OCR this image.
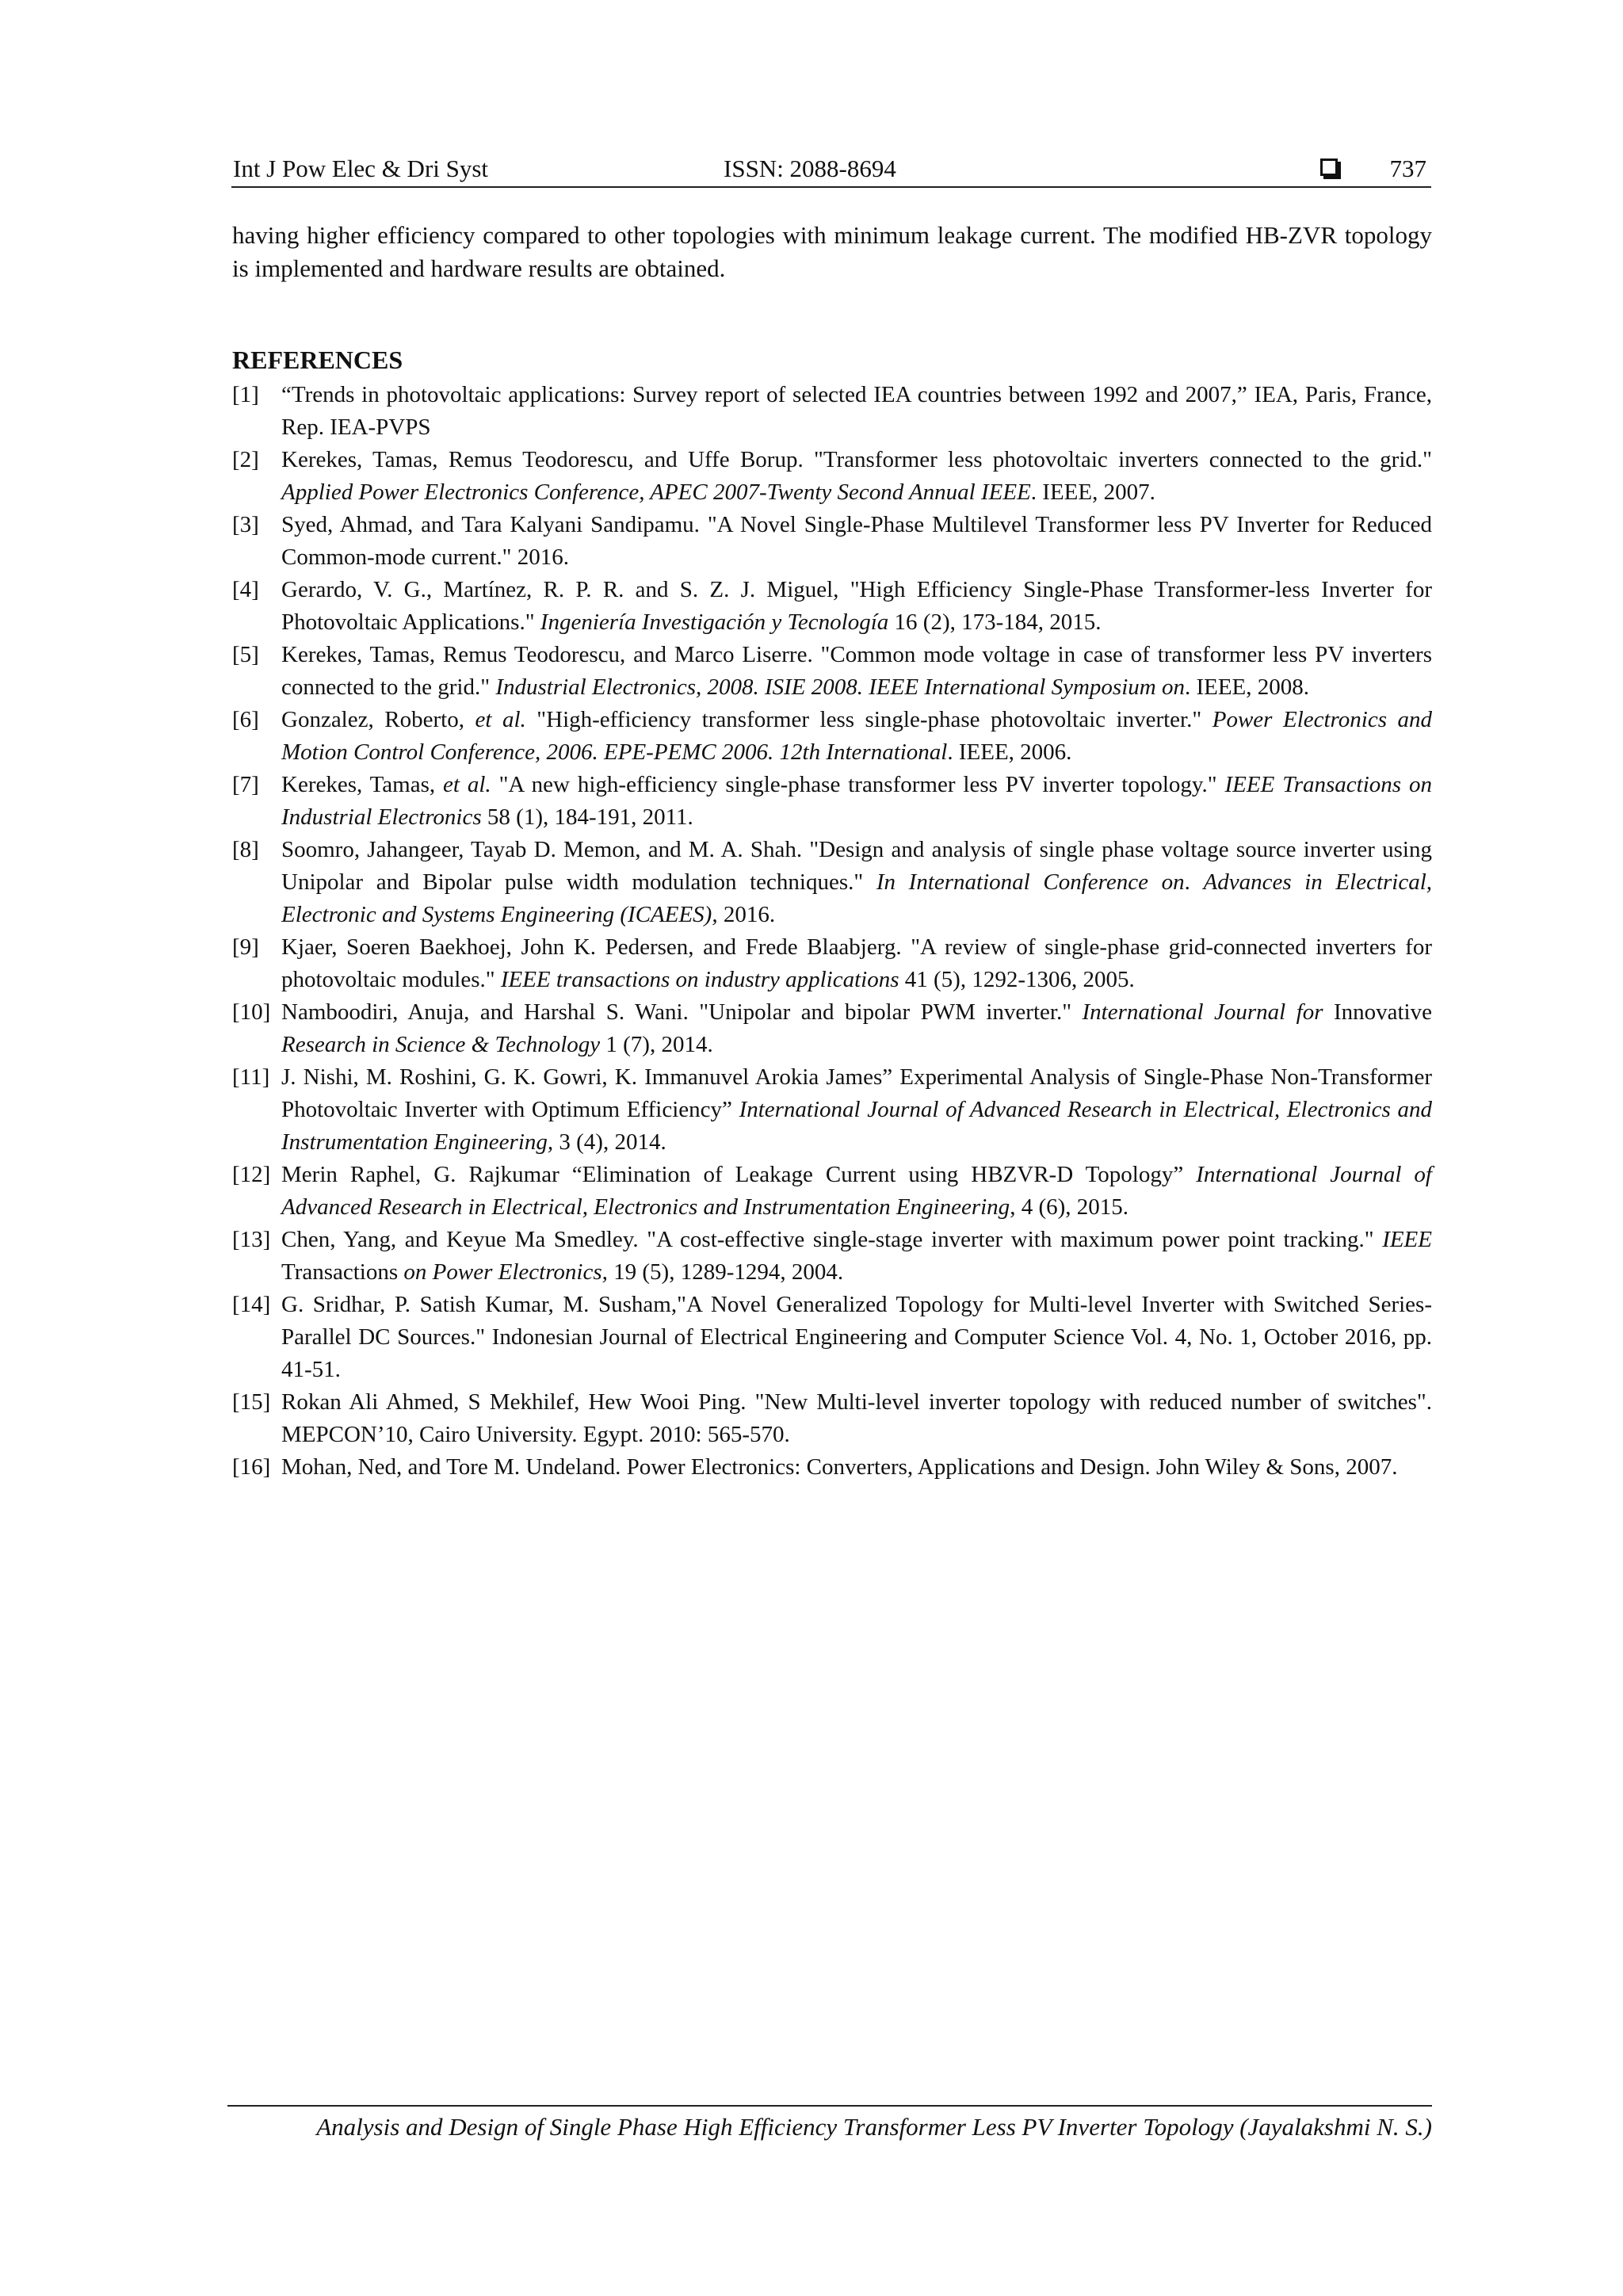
Int J Pow Elec & Dri Syst	ISSN: 2088-8694	737

having higher efficiency compared to other topologies with minimum leakage current. The modified HB-ZVR topology is implemented and hardware results are obtained.

REFERENCES
[1] “Trends in photovoltaic applications: Survey report of selected IEA countries between 1992 and 2007,” IEA, Paris, France, Rep. IEA-PVPS
[2] Kerekes, Tamas, Remus Teodorescu, and Uffe Borup. "Transformer less photovoltaic inverters connected to the grid." Applied Power Electronics Conference, APEC 2007-Twenty Second Annual IEEE. IEEE, 2007.
[3] Syed, Ahmad, and Tara Kalyani Sandipamu. "A Novel Single-Phase Multilevel Transformer less PV Inverter for Reduced Common-mode current." 2016.
[4] Gerardo, V. G., Martínez, R. P. R. and S. Z. J. Miguel, "High Efficiency Single-Phase Transformer-less Inverter for Photovoltaic Applications." Ingeniería Investigación y Tecnología 16 (2), 173-184, 2015.
[5] Kerekes, Tamas, Remus Teodorescu, and Marco Liserre. "Common mode voltage in case of transformer less PV inverters connected to the grid." Industrial Electronics, 2008. ISIE 2008. IEEE International Symposium on. IEEE, 2008.
[6] Gonzalez, Roberto, et al. "High-efficiency transformer less single-phase photovoltaic inverter." Power Electronics and Motion Control Conference, 2006. EPE-PEMC 2006. 12th International. IEEE, 2006.
[7] Kerekes, Tamas, et al. "A new high-efficiency single-phase transformer less PV inverter topology." IEEE Transactions on Industrial Electronics 58 (1), 184-191, 2011.
[8] Soomro, Jahangeer, Tayab D. Memon, and M. A. Shah. "Design and analysis of single phase voltage source inverter using Unipolar and Bipolar pulse width modulation techniques." In International Conference on. Advances in Electrical, Electronic and Systems Engineering (ICAEES), 2016.
[9] Kjaer, Soeren Baekhoej, John K. Pedersen, and Frede Blaabjerg. "A review of single-phase grid-connected inverters for photovoltaic modules." IEEE transactions on industry applications 41 (5), 1292-1306, 2005.
[10] Namboodiri, Anuja, and Harshal S. Wani. "Unipolar and bipolar PWM inverter." International Journal for Innovative Research in Science & Technology 1 (7), 2014.
[11] J. Nishi, M. Roshini, G. K. Gowri, K. Immanuvel Arokia James” Experimental Analysis of Single-Phase Non-Transformer Photovoltaic Inverter with Optimum Efficiency” International Journal of Advanced Research in Electrical, Electronics and Instrumentation Engineering, 3 (4), 2014.
[12] Merin Raphel, G. Rajkumar “Elimination of Leakage Current using HBZVR-D Topology” International Journal of Advanced Research in Electrical, Electronics and Instrumentation Engineering, 4 (6), 2015.
[13] Chen, Yang, and Keyue Ma Smedley. "A cost-effective single-stage inverter with maximum power point tracking." IEEE Transactions on Power Electronics, 19 (5), 1289-1294, 2004.
[14] G. Sridhar, P. Satish Kumar, M. Susham,"A Novel Generalized Topology for Multi-level Inverter with Switched Series-Parallel DC Sources." Indonesian Journal of Electrical Engineering and Computer Science Vol. 4, No. 1, October 2016, pp. 41-51.
[15] Rokan Ali Ahmed, S Mekhilef, Hew Wooi Ping. "New Multi-level inverter topology with reduced number of switches". MEPCON’10, Cairo University. Egypt. 2010: 565-570.
[16] Mohan, Ned, and Tore M. Undeland. Power Electronics: Converters, Applications and Design. John Wiley & Sons, 2007.
Analysis and Design of Single Phase High Efficiency Transformer Less PV Inverter Topology (Jayalakshmi N. S.)
